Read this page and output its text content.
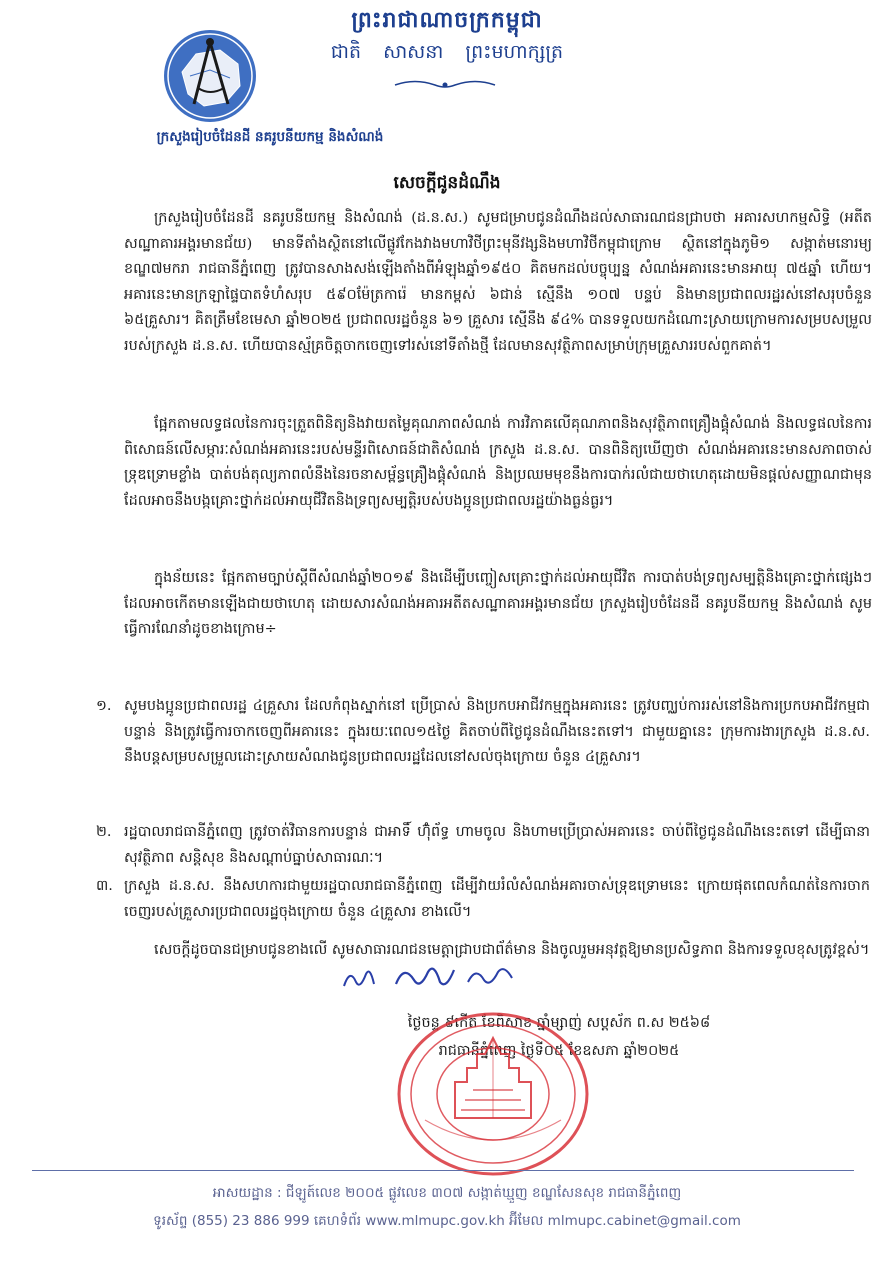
ព្រះរាជាណាចក្រកម្ពុជា
ជាតិ សាសនា ព្រះមហាក្សត្រ
ក្រសួងរៀបចំដែនដី នគរូបនីយកម្ម និងសំណង់
សេចក្តីជូនដំណឹង

ក្រសួងរៀបចំដែនដី នគរូបនីយកម្ម និងសំណង់ (ដ.ន.ស.) សូមជម្រាបជូនដំណឹងដល់សាធារណជនជ្រាបថា អគារសហកម្មសិទ្ធិ (អតីតសណ្ឋាគារអង្គរមានជ័យ) មានទីតាំងស្ថិតនៅលើផ្លូវកែងវាងមហាវិថីព្រះមុនីវង្សនិងមហាវិថីកម្ពុជាក្រោម ស្ថិតនៅក្នុងភូមិ១ សង្កាត់មនោរម្យ ខណ្ឌ៧មករា រាជធានីភ្នំពេញ ត្រូវបានសាងសង់ឡើងតាំងពីអំឡុងឆ្នាំ១៩៥០ គិតមកដល់បច្ចុប្បន្ន សំណង់អគារនេះមានអាយុ ៧៥ឆ្នាំ ហើយ។ អគារនេះមានក្រឡាផ្ទៃបាតទំហំសរុប ៥៩០ម៉ែត្រការ៉េ មានកម្ពស់ ៦ជាន់ ស្មើនឹង ១០៧ បន្ទប់ និងមានប្រជាពលរដ្ឋរស់នៅសរុបចំនួន ៦៥គ្រួសារ។ គិតត្រឹមខែមេសា ឆ្នាំ២០២៥ ប្រជាពលរដ្ឋចំនួន ៦១ គ្រួសារ ស្មើនឹង ៩៤% បានទទួលយកដំណោះស្រាយក្រោមការសម្របសម្រួលរបស់ក្រសួង ដ.ន.ស. ហើយបានស្ម័គ្រចិត្តចាកចេញទៅរស់នៅទីតាំងថ្មី ដែលមានសុវត្ថិភាពសម្រាប់ក្រុមគ្រួសាររបស់ពួកគាត់។

ផ្អែកតាមលទ្ធផលនៃការចុះត្រួតពិនិត្យនិងវាយតម្លៃគុណភាពសំណង់ ការវិភាគលើគុណភាពនិងសុវត្ថិភាពគ្រឿងផ្គុំសំណង់ និងលទ្ធផលនៃការពិសោធន៍លើសម្ភារៈសំណង់អគារនេះរបស់មន្ទីរពិសោធន៍ជាតិសំណង់ ក្រសួង ដ.ន.ស. បានពិនិត្យឃើញថា សំណង់អគារនេះមានសភាពចាស់ទ្រុឌទ្រោមខ្លាំង បាត់បង់តុល្យភាពលំនឹងនៃរចនាសម្ព័ន្ធគ្រឿងផ្គុំសំណង់ និងប្រឈមមុខនឹងការបាក់រលំជាយថាហេតុដោយមិនផ្តល់សញ្ញាណជាមុន ដែលអាចនឹងបង្កគ្រោះថ្នាក់ដល់អាយុជីវិតនិងទ្រព្យសម្បត្តិរបស់បងប្អូនប្រជាពលរដ្ឋយ៉ាងធ្ងន់ធ្ងរ។

ក្នុងន័យនេះ ផ្អែកតាមច្បាប់ស្តីពីសំណង់ឆ្នាំ២០១៩ និងដើម្បីបញ្ចៀសគ្រោះថ្នាក់ដល់អាយុជីវិត ការបាត់បង់ទ្រព្យសម្បត្តិនិងគ្រោះថ្នាក់ផ្សេងៗដែលអាចកើតមានឡើងជាយថាហេតុ ដោយសារសំណង់អគារអតីតសណ្ឋាគារអង្គរមានជ័យ ក្រសួងរៀបចំដែនដី នគរូបនីយកម្ម និងសំណង់ សូមធ្វើការណែនាំដូចខាងក្រោម÷

១. សូមបងប្អូនប្រជាពលរដ្ឋ ៤គ្រួសារ ដែលកំពុងស្នាក់នៅ ប្រើប្រាស់ និងប្រកបអាជីវកម្មក្នុងអគារនេះ ត្រូវបញ្ឈប់ការរស់នៅនិងការប្រកបអាជីវកម្មជាបន្ទាន់ និងត្រូវធ្វើការចាកចេញពីអគារនេះ ក្នុងរយៈពេល១៥ថ្ងៃ គិតចាប់ពីថ្ងៃជូនដំណឹងនេះតទៅ។ ជាមួយគ្នានេះ ក្រុមការងារក្រសួង ដ.ន.ស. នឹងបន្តសម្របសម្រួលដោះស្រាយសំណងជូនប្រជាពលរដ្ឋដែលនៅសល់ចុងក្រោយ ចំនួន ៤គ្រួសារ។
២. រដ្ឋបាលរាជធានីភ្នំពេញ ត្រូវចាត់វិធានការបន្ទាន់ ជាអាទិ៍ ហ៊ុំព័ទ្ធ ហាមចូល និងហាមប្រើប្រាស់អគារនេះ ចាប់ពីថ្ងៃជូនដំណឹងនេះតទៅ ដើម្បីធានាសុវត្ថិភាព សន្តិសុខ និងសណ្តាប់ធ្នាប់សាធារណៈ។
៣. ក្រសួង ដ.ន.ស. នឹងសហការជាមួយរដ្ឋបាលរាជធានីភ្នំពេញ ដើម្បីវាយរំលំសំណង់អគារចាស់ទ្រុឌទ្រោមនេះ ក្រោយផុតពេលកំណត់នៃការចាកចេញរបស់គ្រួសារប្រជាពលរដ្ឋចុងក្រោយ ចំនួន ៤គ្រួសារ ខាងលើ។

សេចក្តីដូចបានជម្រាបជូនខាងលើ សូមសាធារណជនមេត្តាជ្រាបជាព័ត៌មាន និងចូលរួមអនុវត្តឱ្យមានប្រសិទ្ធភាព និងការទទួលខុសត្រូវខ្ពស់។

ថ្ងៃចន្ទ ៩កើត ខែពិសាខ ឆ្នាំម្សាញ់ សប្តស័ក ព.ស ២៥៦៨
រាជធានីភ្នំពេញ ថ្ងៃទី០៥ ខែឧសភា ឆ្នាំ២០២៥
អាសយដ្ឋាន : ជីឡូត៍លេខ ២០០៥ ផ្លូវលេខ ៣០៧ សង្កាត់ឃ្មួញ ខណ្ឌសែនសុខ រាជធានីភ្នំពេញ
ទូរស័ព្ទ (855) 23 886 999 គេហទំព័រ www.mlmupc.gov.kh អ៊ីមែល mlmupc.cabinet@gmail.com
